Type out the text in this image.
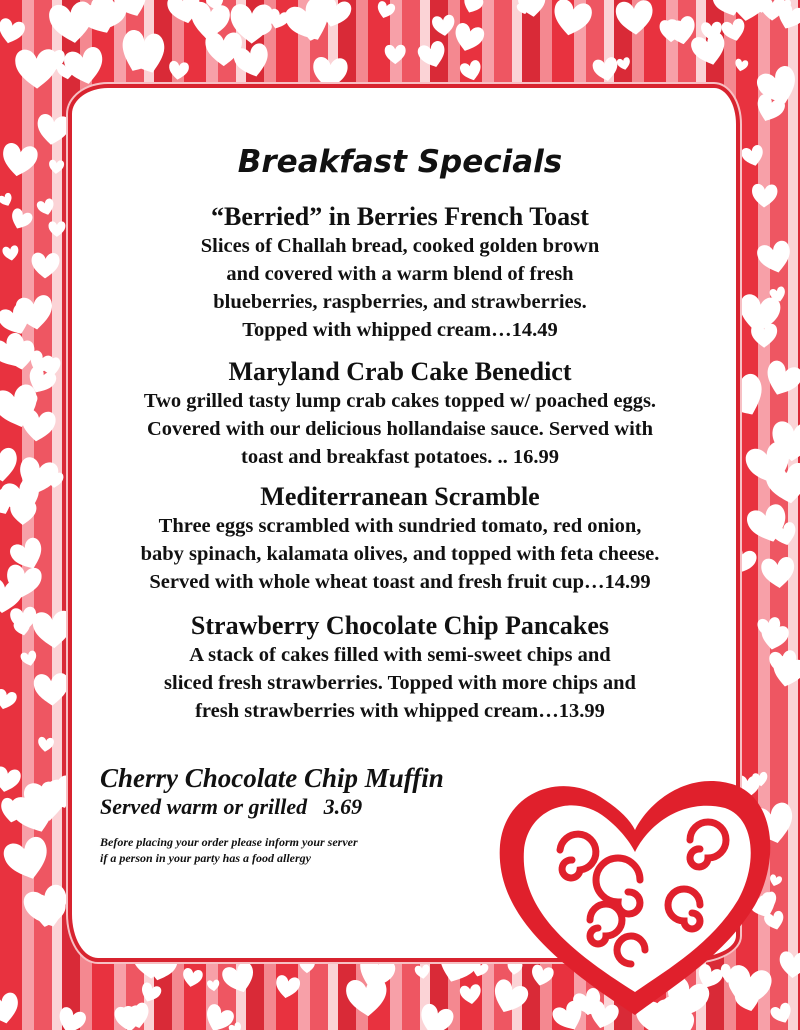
Breakfast Specials
“Berried” in Berries French Toast
Slices of Challah bread, cooked golden brown
and covered with a warm blend of fresh
blueberries, raspberries, and strawberries.
Topped with whipped cream…14.49
Maryland Crab Cake Benedict
Two grilled tasty lump crab cakes topped w/ poached eggs.
Covered with our delicious hollandaise sauce. Served with
toast and breakfast potatoes. .. 16.99
Mediterranean Scramble
Three eggs scrambled with sundried tomato, red onion,
baby spinach, kalamata olives, and topped with feta cheese.
Served with whole wheat toast and fresh fruit cup…14.99
Strawberry Chocolate Chip Pancakes
A stack of cakes filled with semi-sweet chips and
sliced fresh strawberries. Topped with more chips and
fresh strawberries with whipped cream…13.99
Cherry Chocolate Chip Muffin
Served warm or grilled   3.69
Before placing your order please inform your server
if a person in your party has a food allergy
